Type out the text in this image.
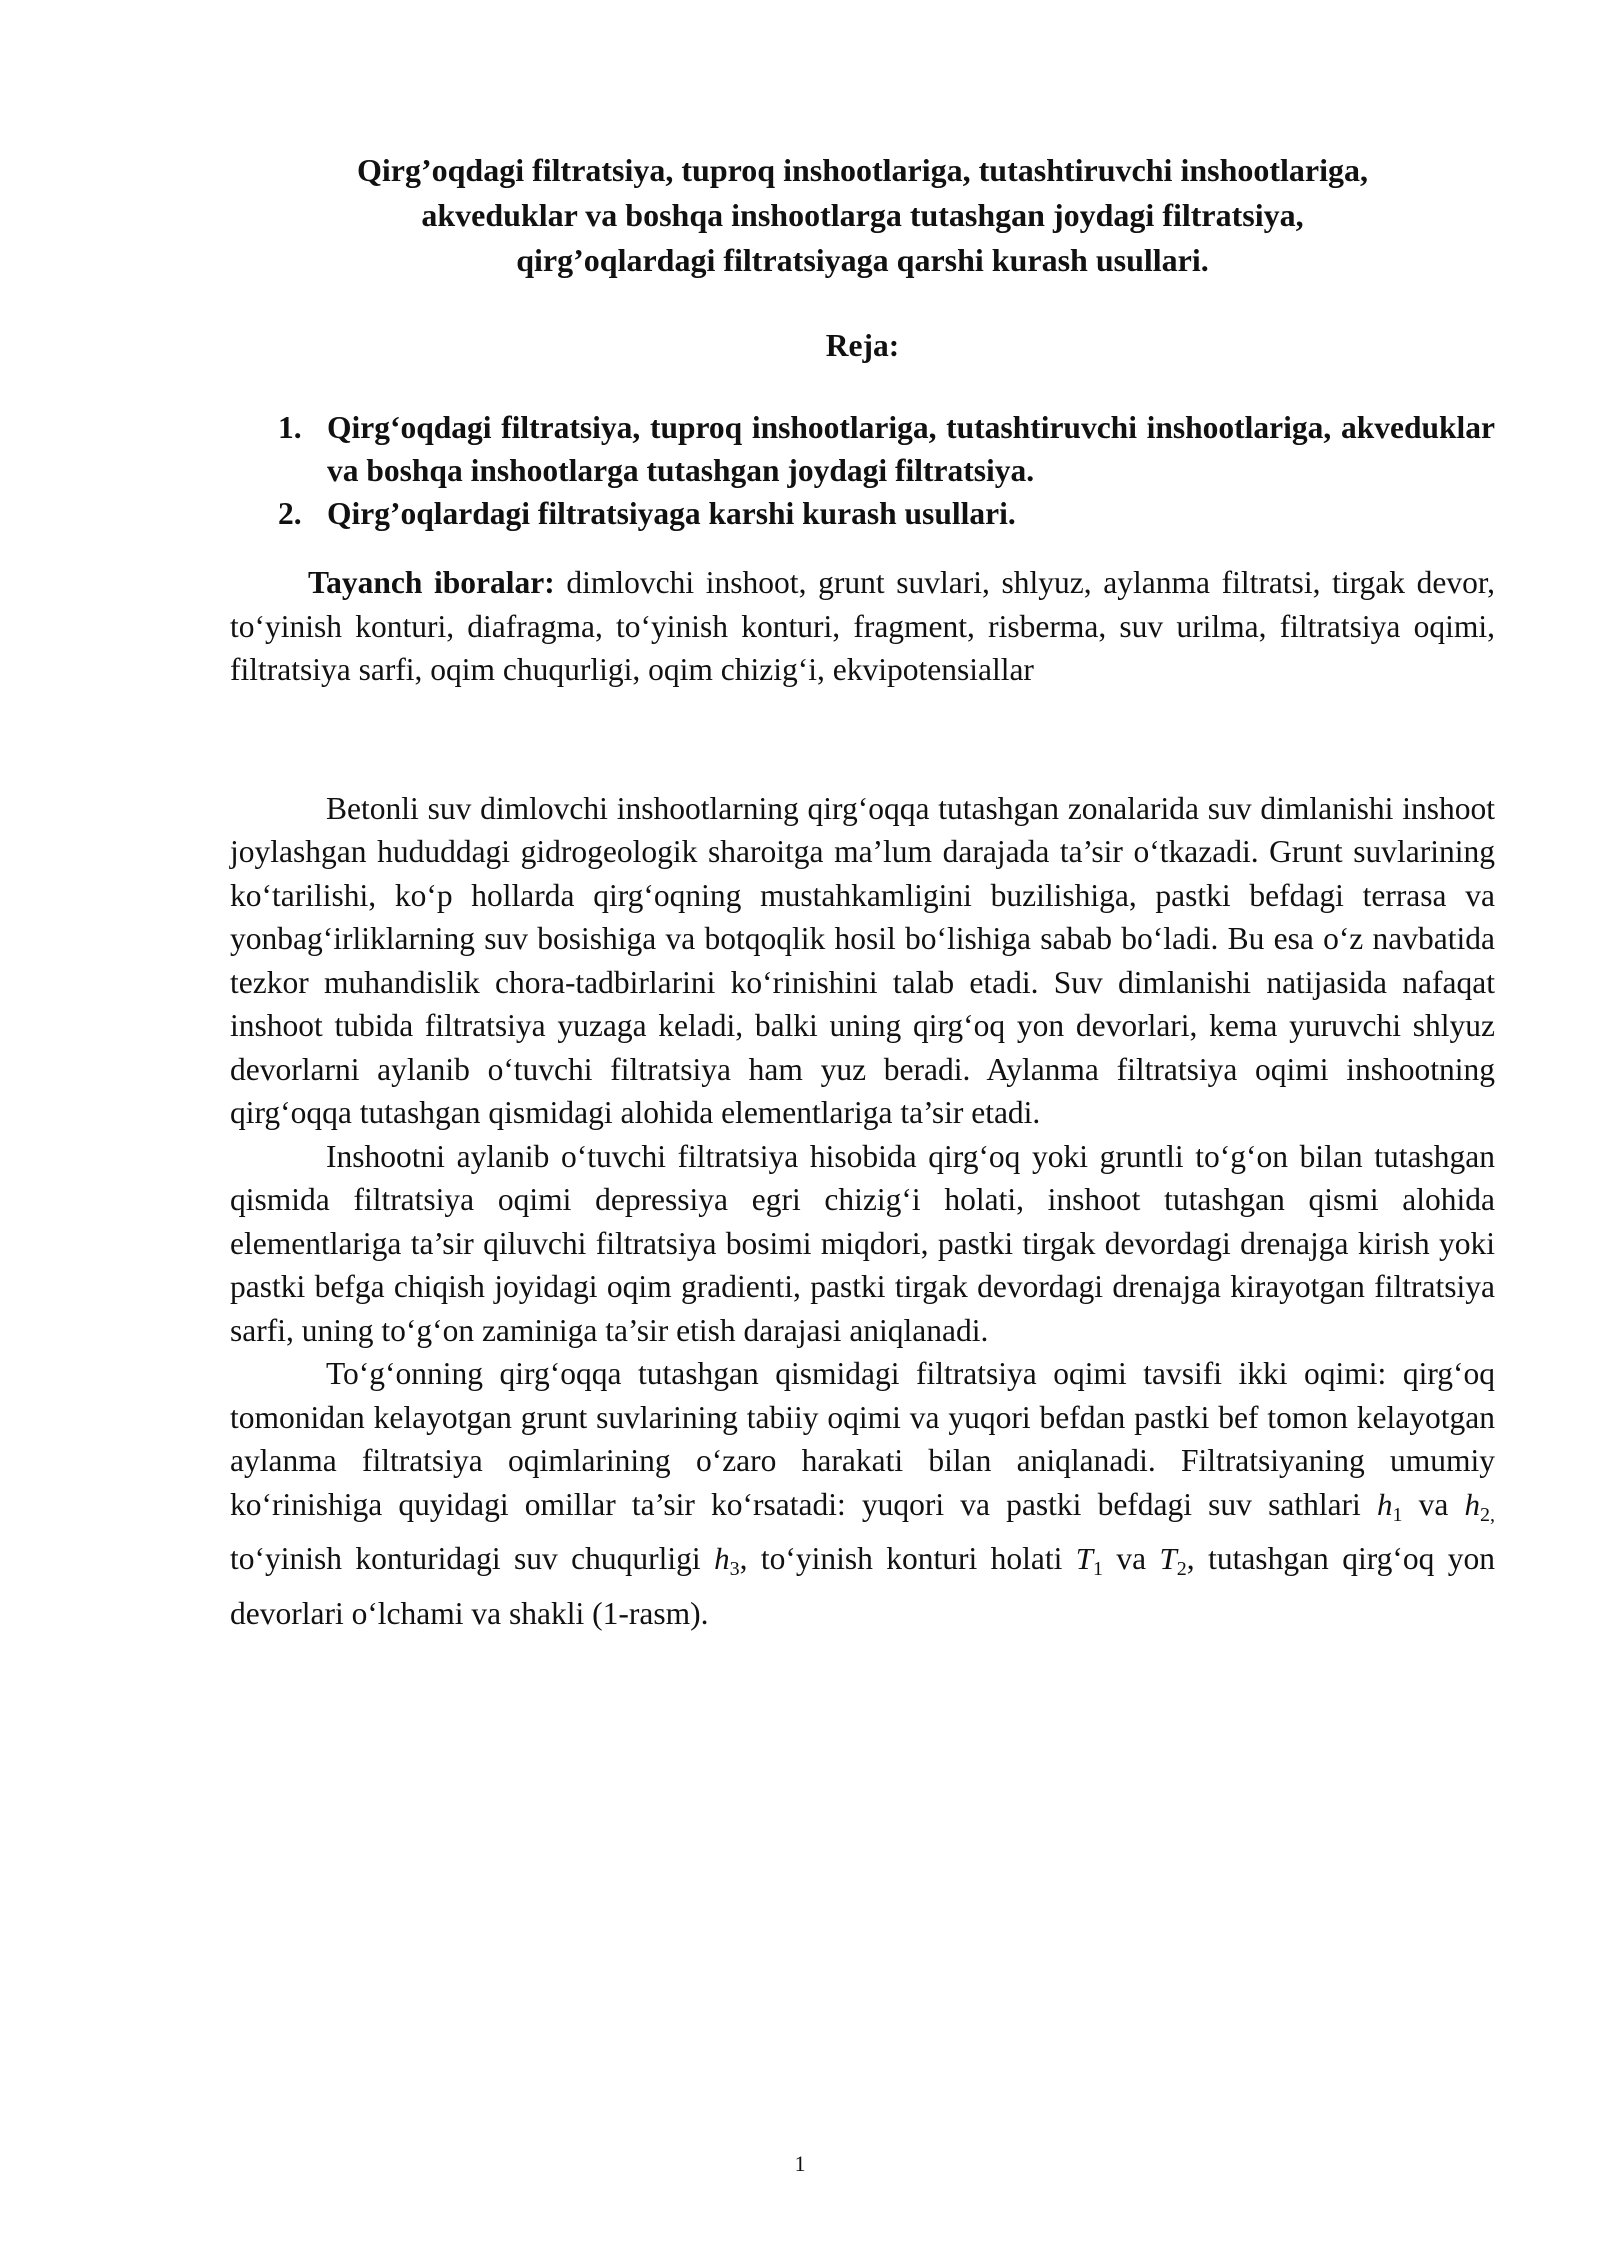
Qirg’oqdagi filtratsiya, tuproq inshootlariga, tutashtiruvchi inshootlariga,
akveduklar va boshqa inshootlarga tutashgan joydagi filtratsiya,
qirg’oqlardagi filtratsiyaga qarshi kurash usullari.
Reja:
1. Qirg‘oqdagi filtratsiya, tuproq inshootlariga, tutashtiruvchi inshootlariga, akveduklar va boshqa inshootlarga tutashgan joydagi filtratsiya.
2. Qirg’oqlardagi filtratsiyaga karshi kurash usullari.

Tayanch iboralar: dimlovchi inshoot, grunt suvlari, shlyuz, aylanma filtratsi, tirgak devor, to‘yinish konturi, diafragma, to‘yinish konturi, fragment, risberma, suv urilma, filtratsiya oqimi, filtratsiya sarfi, oqim chuqurligi, oqim chizig‘i, ekvipotensiallar

Betonli suv dimlovchi inshootlarning qirg‘oqqa tutashgan zonalarida suv dimlanishi inshoot joylashgan hududdagi gidrogeologik sharoitga ma’lum darajada ta’sir o‘tkazadi. Grunt suvlarining ko‘tarilishi, ko‘p hollarda qirg‘oqning mustahkamligini buzilishiga, pastki befdagi terrasa va yonbag‘irliklarning suv bosishiga va botqoqlik hosil bo‘lishiga sabab bo‘ladi. Bu esa o‘z navbatida tezkor muhandislik chora-tadbirlarini ko‘rinishini talab etadi. Suv dimlanishi natijasida nafaqat inshoot tubida filtratsiya yuzaga keladi, balki uning qirg‘oq yon devorlari, kema yuruvchi shlyuz devorlarni aylanib o‘tuvchi filtratsiya ham yuz beradi. Aylanma filtratsiya oqimi inshootning qirg‘oqqa tutashgan qismidagi alohida elementlariga ta’sir etadi.

Inshootni aylanib o‘tuvchi filtratsiya hisobida qirg‘oq yoki gruntli to‘g‘on bilan tutashgan qismida filtratsiya oqimi depressiya egri chizig‘i holati, inshoot tutashgan qismi alohida elementlariga ta’sir qiluvchi filtratsiya bosimi miqdori, pastki tirgak devordagi drenajga kirish yoki pastki befga chiqish joyidagi oqim gradienti, pastki tirgak devordagi drenajga kirayotgan filtratsiya sarfi, uning to‘g‘on zaminiga ta’sir etish darajasi aniqlanadi.

To‘g‘onning qirg‘oqqa tutashgan qismidagi filtratsiya oqimi tavsifi ikki oqimi: qirg‘oq tomonidan kelayotgan grunt suvlarining tabiiy oqimi va yuqori befdan pastki bef tomon kelayotgan aylanma filtratsiya oqimlarining o‘zaro harakati bilan aniqlanadi. Filtratsiyaning umumiy ko‘rinishiga quyidagi omillar ta’sir ko‘rsatadi: yuqori va pastki befdagi suv sathlari $h_1$ va $h_{2,}$ to‘yinish konturidagi suv chuqurligi $h_3$, to‘yinish konturi holati $T_1$ va $T_2$, tutashgan qirg‘oq yon devorlari o‘lchami va shakli (1-rasm).

1
